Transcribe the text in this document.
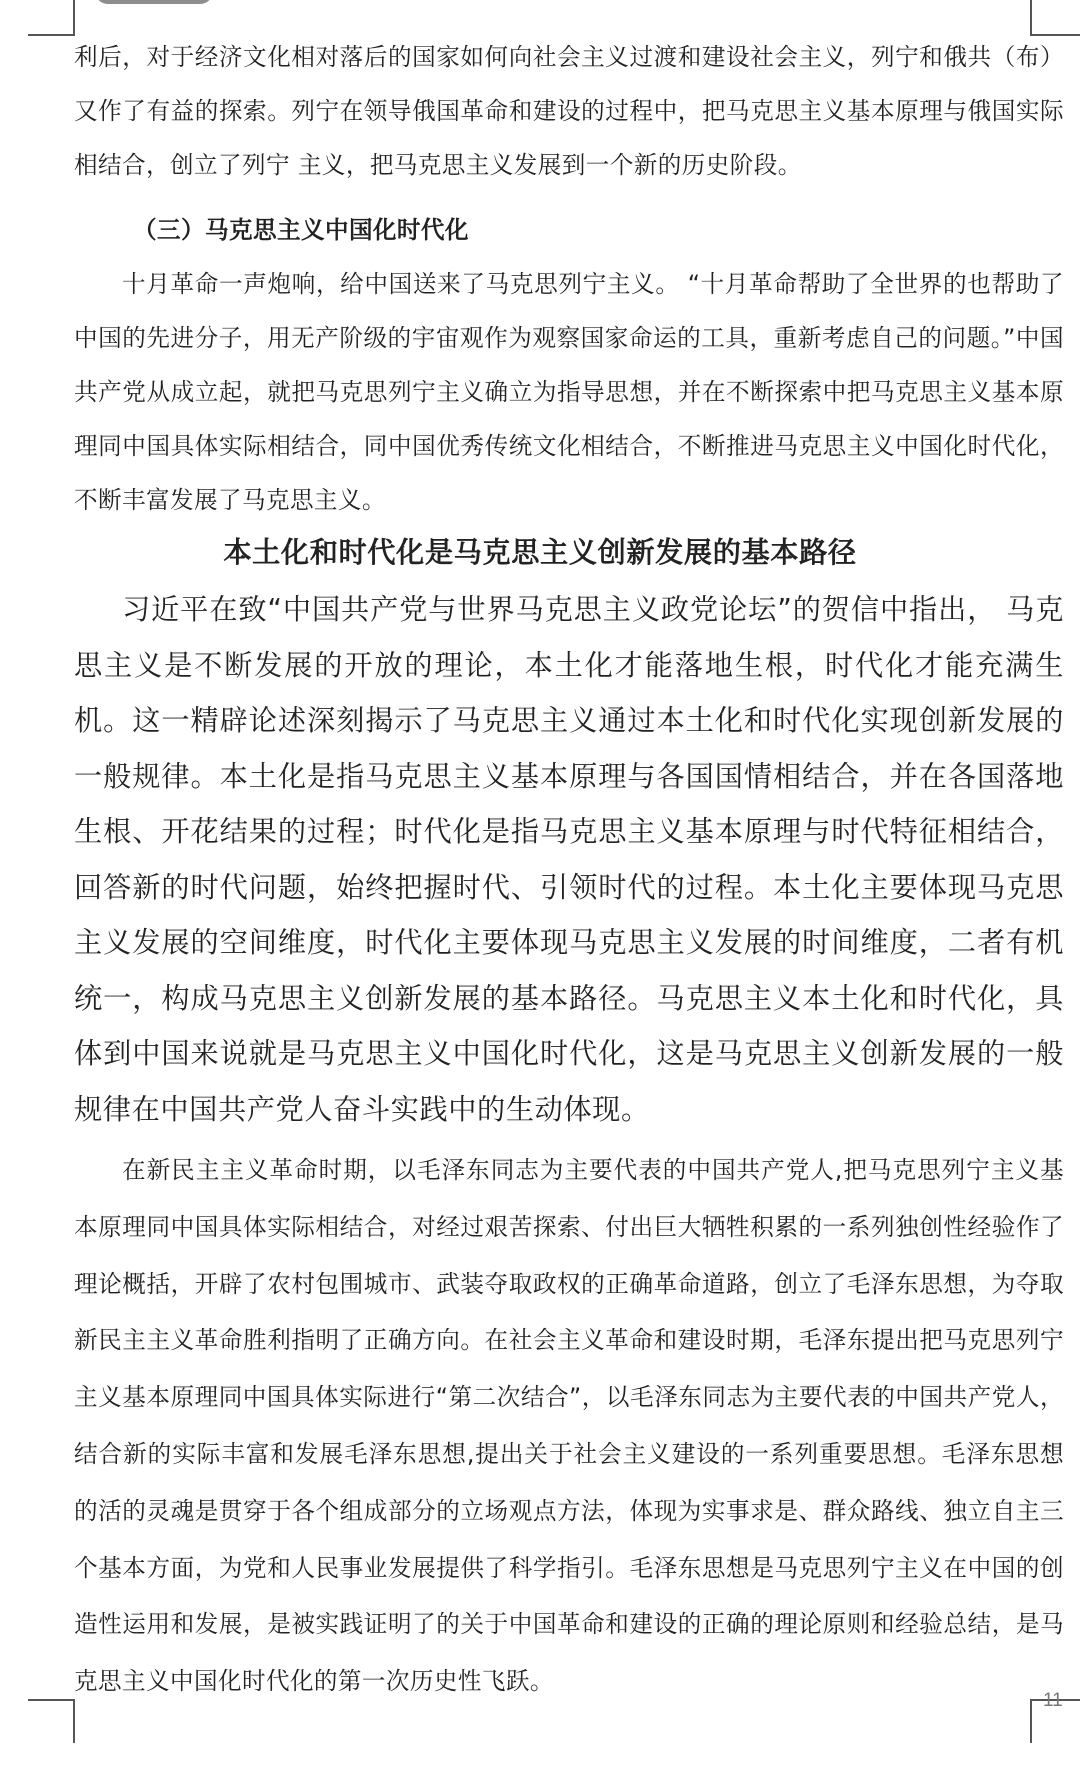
利后，对于经济文化相对落后的国家如何向社会主义过渡和建设社会主义，列宁和俄共（布）又作了有益的探索。列宁在领导俄国革命和建设的过程中，把马克思主义基本原理与俄国实际相结合，创立了列宁 主义，把马克思主义发展到一个新的历史阶段。

（三）马克思主义中国化时代化

十月革命一声炮响，给中国送来了马克思列宁主义。 “十月革命帮助了全世界的也帮助了中国的先进分子，用无产阶级的宇宙观作为观察国家命运的工具，重新考虑自己的问题。”中国共产党从成立起，就把马克思列宁主义确立为指导思想，并在不断探索中把马克思主义基本原理同中国具体实际相结合，同中国优秀传统文化相结合，不断推进马克思主义中国化时代化，不断丰富发展了马克思主义。

本土化和时代化是马克思主义创新发展的基本路径

习近平在致“中国共产党与世界马克思主义政党论坛”的贺信中指出， 马克思主义是不断发展的开放的理论，本土化才能落地生根，时代化才能充满生机。这一精辟论述深刻揭示了马克思主义通过本土化和时代化实现创新发展的一般规律。本土化是指马克思主义基本原理与各国国情相结合，并在各国落地生根、开花结果的过程；时代化是指马克思主义基本原理与时代特征相结合，回答新的时代问题，始终把握时代、引领时代的过程。本土化主要体现马克思主义发展的空间维度，时代化主要体现马克思主义发展的时间维度，二者有机统一，构成马克思主义创新发展的基本路径。马克思主义本土化和时代化，具体到中国来说就是马克思主义中国化时代化，这是马克思主义创新发展的一般规律在中国共产党人奋斗实践中的生动体现。

在新民主主义革命时期，以毛泽东同志为主要代表的中国共产党人,把马克思列宁主义基本原理同中国具体实际相结合，对经过艰苦探索、付出巨大牺牲积累的一系列独创性经验作了理论概括，开辟了农村包围城市、武装夺取政权的正确革命道路，创立了毛泽东思想，为夺取新民主主义革命胜利指明了正确方向。在社会主义革命和建设时期，毛泽东提出把马克思列宁主义基本原理同中国具体实际进行“第二次结合”，以毛泽东同志为主要代表的中国共产党人，结合新的实际丰富和发展毛泽东思想,提出关于社会主义建设的一系列重要思想。毛泽东思想的活的灵魂是贯穿于各个组成部分的立场观点方法，体现为实事求是、群众路线、独立自主三个基本方面，为党和人民事业发展提供了科学指引。毛泽东思想是马克思列宁主义在中国的创造性运用和发展，是被实践证明了的关于中国革命和建设的正确的理论原则和经验总结，是马克思主义中国化时代化的第一次历史性飞跃。

11
